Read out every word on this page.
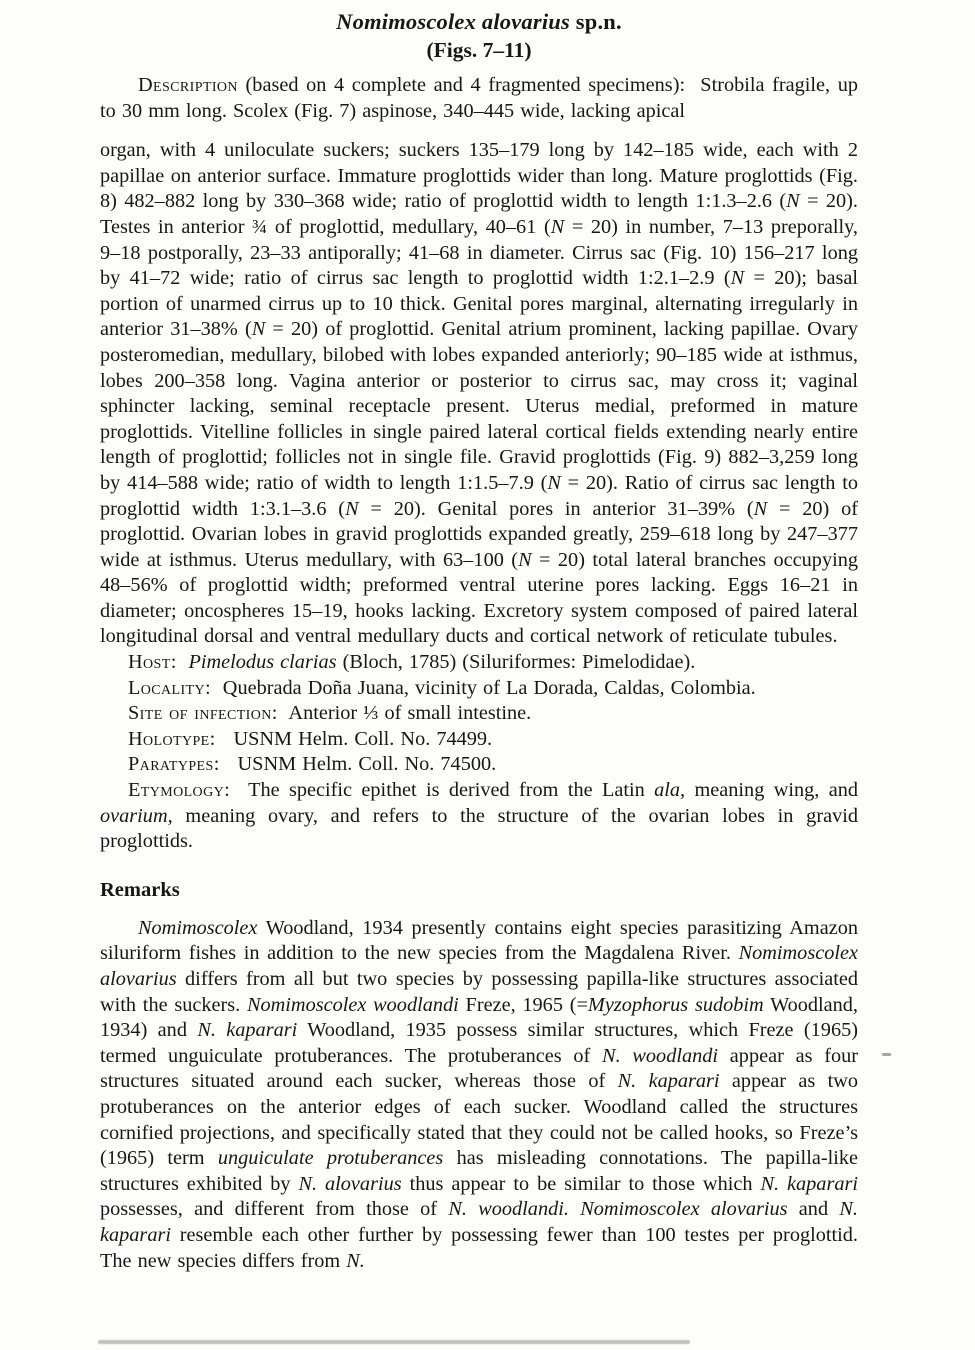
Nomimoscolex alovarius sp.n.
(Figs. 7–11)

Description (based on 4 complete and 4 fragmented specimens):  Strobila fragile, up to 30 mm long. Scolex (Fig. 7) aspinose, 340–445 wide, lacking apical

organ, with 4 uniloculate suckers; suckers 135–179 long by 142–185 wide, each with 2 papillae on anterior surface. Immature proglottids wider than long. Mature proglottids (Fig. 8) 482–882 long by 330–368 wide; ratio of proglottid width to length 1:1.3–2.6 (N = 20). Testes in anterior ¾ of proglottid, medullary, 40–61 (N = 20) in number, 7–13 preporally, 9–18 postporally, 23–33 antiporally; 41–68 in diameter. Cirrus sac (Fig. 10) 156–217 long by 41–72 wide; ratio of cirrus sac length to proglottid width 1:2.1–2.9 (N = 20); basal portion of unarmed cirrus up to 10 thick. Genital pores marginal, alternating irregularly in anterior 31–38% (N = 20) of proglottid. Genital atrium prominent, lacking papillae. Ovary posteromedian, medullary, bilobed with lobes expanded anteriorly; 90–185 wide at isthmus, lobes 200–358 long. Vagina anterior or posterior to cirrus sac, may cross it; vaginal sphincter lacking, seminal receptacle present. Uterus medial, preformed in mature proglottids. Vitelline follicles in single paired lateral cortical fields extending nearly entire length of proglottid; follicles not in single file. Gravid proglottids (Fig. 9) 882–3,259 long by 414–588 wide; ratio of width to length 1:1.5–7.9 (N = 20). Ratio of cirrus sac length to proglottid width 1:3.1–3.6 (N = 20). Genital pores in anterior 31–39% (N = 20) of proglottid. Ovarian lobes in gravid proglottids expanded greatly, 259–618 long by 247–377 wide at isthmus. Uterus medullary, with 63–100 (N = 20) total lateral branches occupying 48–56% of proglottid width; preformed ventral uterine pores lacking. Eggs 16–21 in diameter; oncospheres 15–19, hooks lacking. Excretory system composed of paired lateral longitudinal dorsal and ventral medullary ducts and cortical network of reticulate tubules.

Host:  Pimelodus clarias (Bloch, 1785) (Siluriformes: Pimelodidae).

Locality:  Quebrada Doña Juana, vicinity of La Dorada, Caldas, Colombia.

Site of infection:  Anterior ⅓ of small intestine.

Holotype:   USNM Helm. Coll. No. 74499.

Paratypes:   USNM Helm. Coll. No. 74500.

Etymology:  The specific epithet is derived from the Latin ala, meaning wing, and ovarium, meaning ovary, and refers to the structure of the ovarian lobes in gravid proglottids.

Remarks

Nomimoscolex Woodland, 1934 presently contains eight species parasitizing Amazon siluriform fishes in addition to the new species from the Magdalena River. Nomimoscolex alovarius differs from all but two species by possessing papilla-like structures associated with the suckers. Nomimoscolex woodlandi Freze, 1965 (=Myzophorus sudobim Woodland, 1934) and N. kaparari Woodland, 1935 possess similar structures, which Freze (1965) termed unguiculate protuberances. The protuberances of N. woodlandi appear as four structures situated around each sucker, whereas those of N. kaparari appear as two protuberances on the anterior edges of each sucker. Woodland called the structures cornified projections, and specifically stated that they could not be called hooks, so Freze’s (1965) term unguiculate protuberances has misleading connotations. The papilla-like structures exhibited by N. alovarius thus appear to be similar to those which N. kaparari possesses, and different from those of N. woodlandi. Nomimoscolex alovarius and N. kaparari resemble each other further by possessing fewer than 100 testes per proglottid. The new species differs from N.
